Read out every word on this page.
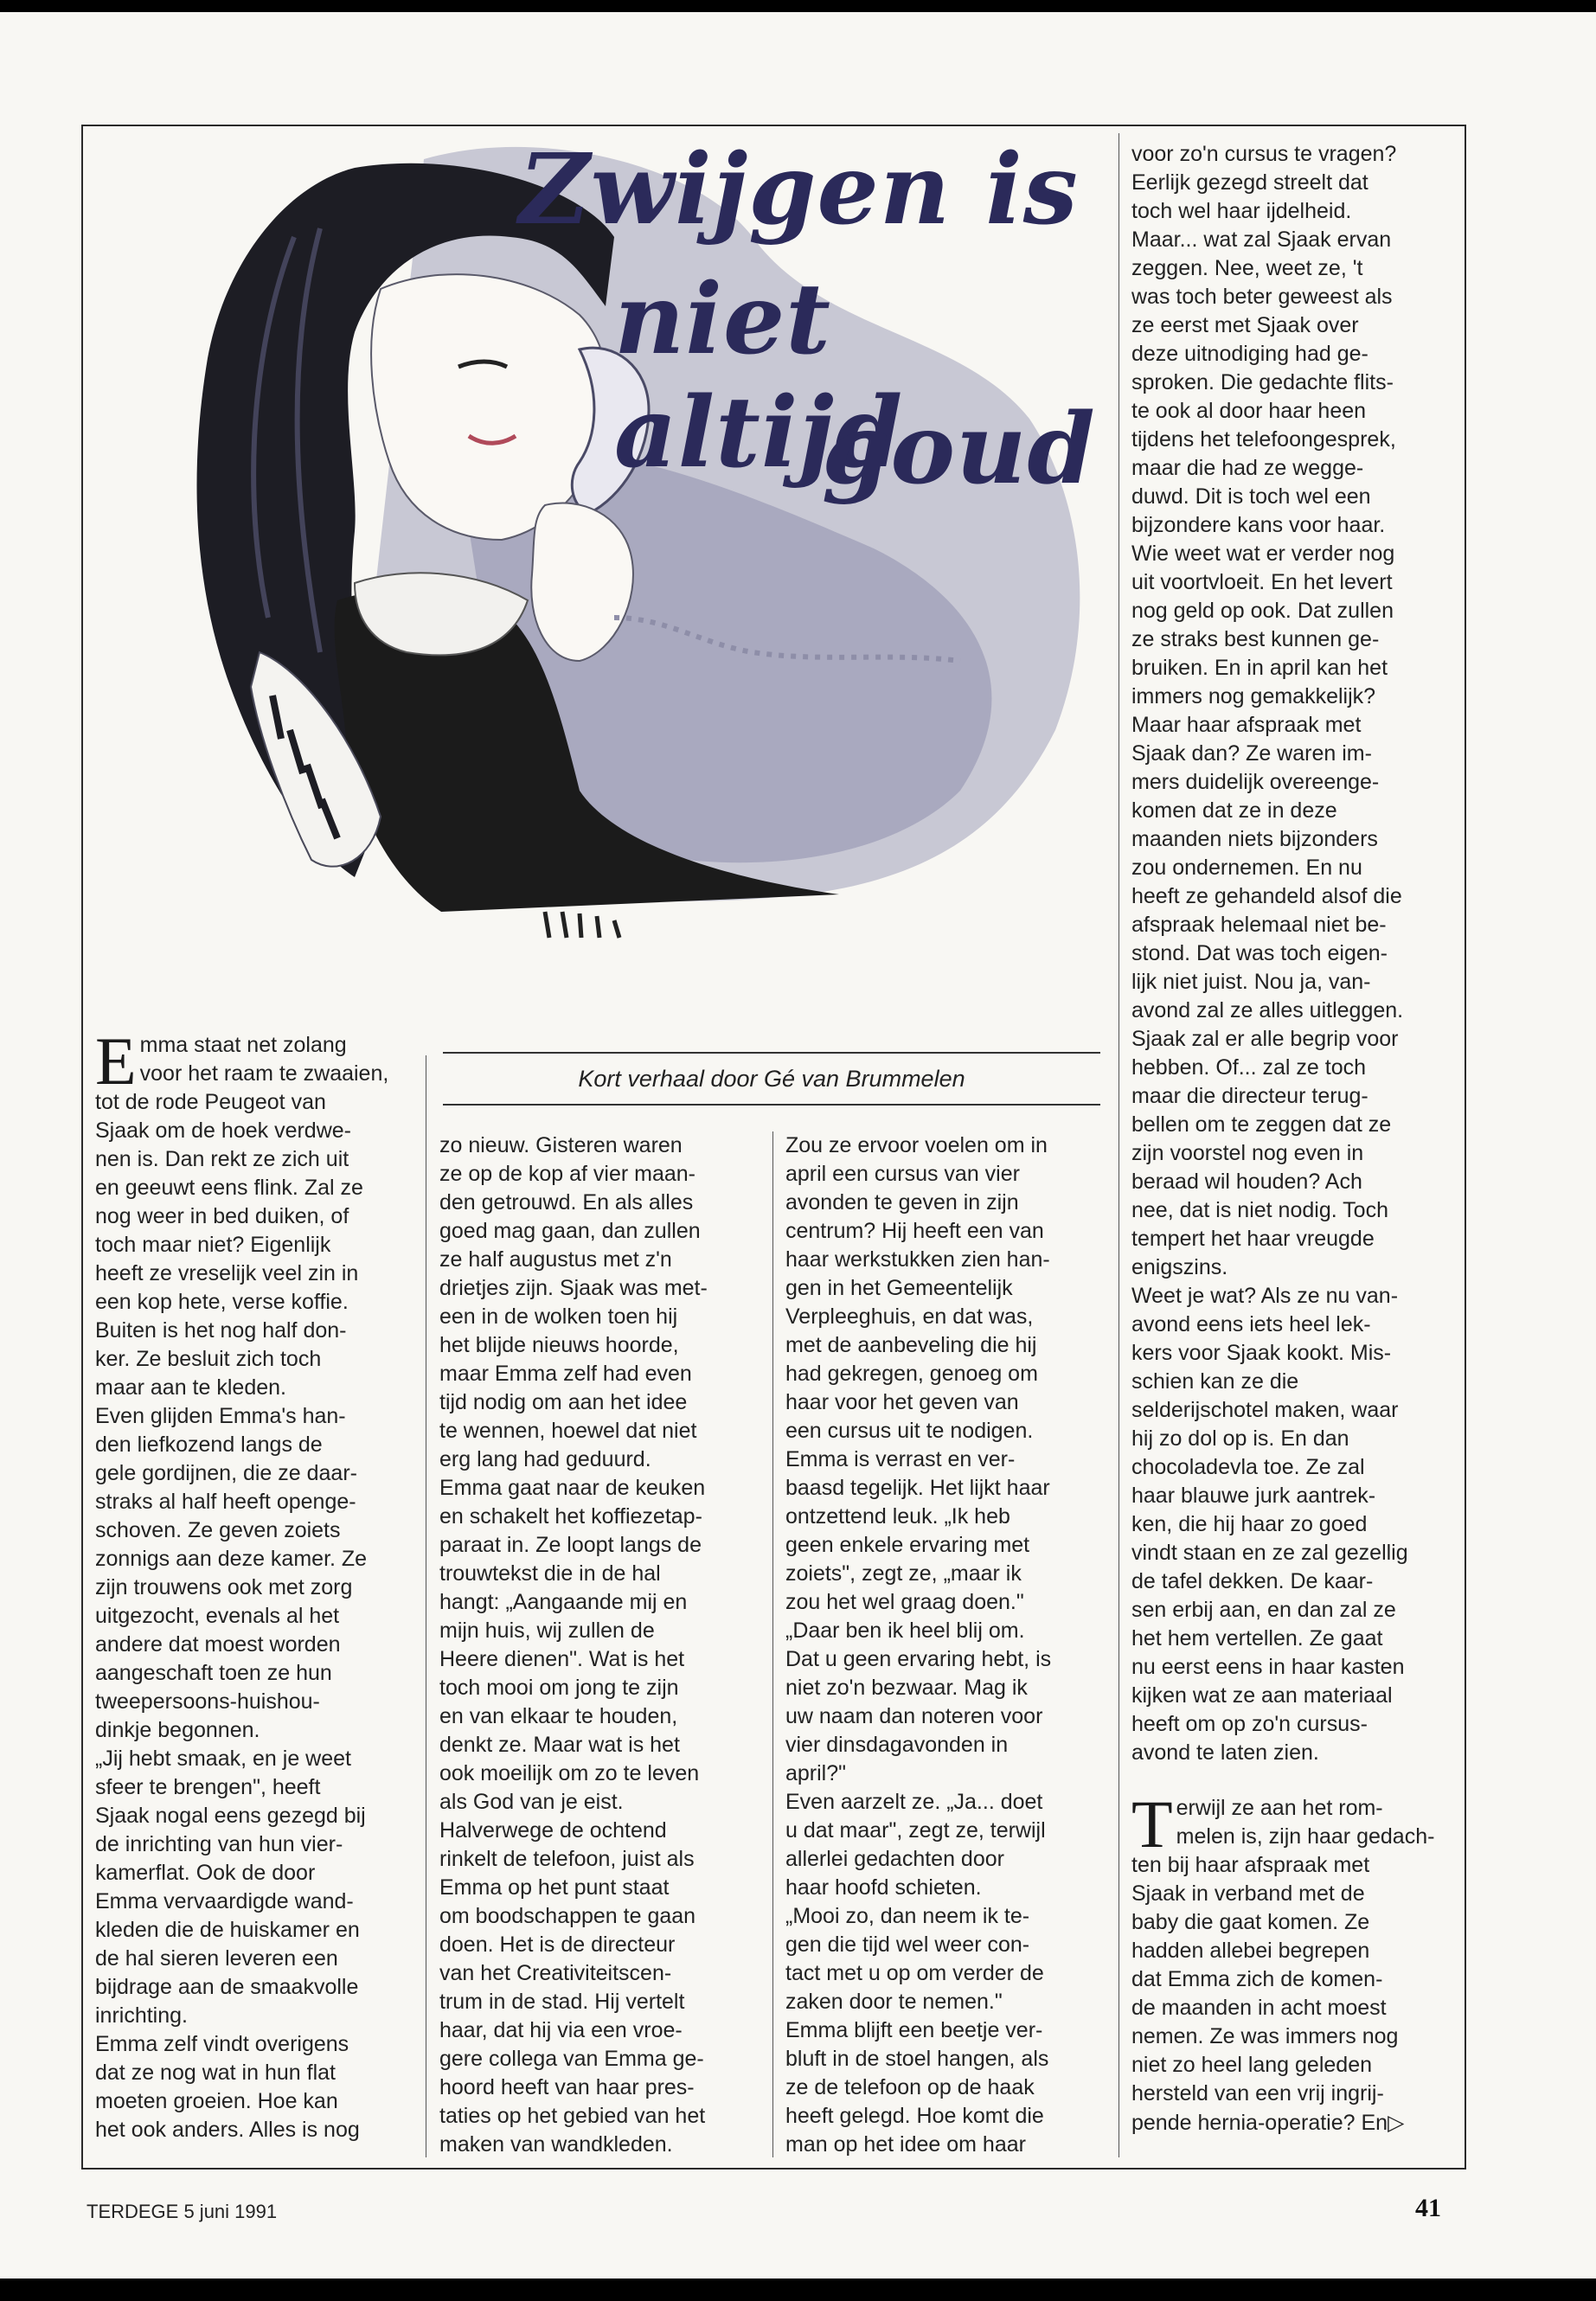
Zwijgen is
niet altijd
goud
Kort verhaal door Gé van Brummelen
Emma staat net zolang
voor het raam te zwaaien,
tot de rode Peugeot van
Sjaak om de hoek verdwe-
nen is. Dan rekt ze zich uit
en geeuwt eens flink. Zal ze
nog weer in bed duiken, of
toch maar niet? Eigenlijk
heeft ze vreselijk veel zin in
een kop hete, verse koffie.
Buiten is het nog half don-
ker. Ze besluit zich toch
maar aan te kleden.
Even glijden Emma's han-
den liefkozend langs de
gele gordijnen, die ze daar-
straks al half heeft openge-
schoven. Ze geven zoiets
zonnigs aan deze kamer. Ze
zijn trouwens ook met zorg
uitgezocht, evenals al het
andere dat moest worden
aangeschaft toen ze hun
tweepersoons-huishou-
dinkje begonnen.
„Jij hebt smaak, en je weet
sfeer te brengen", heeft
Sjaak nogal eens gezegd bij
de inrichting van hun vier-
kamerflat. Ook de door
Emma vervaardigde wand-
kleden die de huiskamer en
de hal sieren leveren een
bijdrage aan de smaakvolle
inrichting.
Emma zelf vindt overigens
dat ze nog wat in hun flat
moeten groeien. Hoe kan
het ook anders. Alles is nog
zo nieuw. Gisteren waren
ze op de kop af vier maan-
den getrouwd. En als alles
goed mag gaan, dan zullen
ze half augustus met z'n
drietjes zijn. Sjaak was met-
een in de wolken toen hij
het blijde nieuws hoorde,
maar Emma zelf had even
tijd nodig om aan het idee
te wennen, hoewel dat niet
erg lang had geduurd.
Emma gaat naar de keuken
en schakelt het koffiezetap-
paraat in. Ze loopt langs de
trouwtekst die in de hal
hangt: „Aangaande mij en
mijn huis, wij zullen de
Heere dienen". Wat is het
toch mooi om jong te zijn
en van elkaar te houden,
denkt ze. Maar wat is het
ook moeilijk om zo te leven
als God van je eist.
Halverwege de ochtend
rinkelt de telefoon, juist als
Emma op het punt staat
om boodschappen te gaan
doen. Het is de directeur
van het Creativiteitscen-
trum in de stad. Hij vertelt
haar, dat hij via een vroe-
gere collega van Emma ge-
hoord heeft van haar pres-
taties op het gebied van het
maken van wandkleden.
Zou ze ervoor voelen om in
april een cursus van vier
avonden te geven in zijn
centrum? Hij heeft een van
haar werkstukken zien han-
gen in het Gemeentelijk
Verpleeghuis, en dat was,
met de aanbeveling die hij
had gekregen, genoeg om
haar voor het geven van
een cursus uit te nodigen.
Emma is verrast en ver-
baasd tegelijk. Het lijkt haar
ontzettend leuk. „Ik heb
geen enkele ervaring met
zoiets", zegt ze, „maar ik
zou het wel graag doen."
„Daar ben ik heel blij om.
Dat u geen ervaring hebt, is
niet zo'n bezwaar. Mag ik
uw naam dan noteren voor
vier dinsdagavonden in
april?"
Even aarzelt ze. „Ja... doet
u dat maar", zegt ze, terwijl
allerlei gedachten door
haar hoofd schieten.
„Mooi zo, dan neem ik te-
gen die tijd wel weer con-
tact met u op om verder de
zaken door te nemen."
Emma blijft een beetje ver-
bluft in de stoel hangen, als
ze de telefoon op de haak
heeft gelegd. Hoe komt die
man op het idee om haar
voor zo'n cursus te vragen?
Eerlijk gezegd streelt dat
toch wel haar ijdelheid.
Maar... wat zal Sjaak ervan
zeggen. Nee, weet ze, 't
was toch beter geweest als
ze eerst met Sjaak over
deze uitnodiging had ge-
sproken. Die gedachte flits-
te ook al door haar heen
tijdens het telefoongesprek,
maar die had ze wegge-
duwd. Dit is toch wel een
bijzondere kans voor haar.
Wie weet wat er verder nog
uit voortvloeit. En het levert
nog geld op ook. Dat zullen
ze straks best kunnen ge-
bruiken. En in april kan het
immers nog gemakkelijk?
Maar haar afspraak met
Sjaak dan? Ze waren im-
mers duidelijk overeenge-
komen dat ze in deze
maanden niets bijzonders
zou ondernemen. En nu
heeft ze gehandeld alsof die
afspraak helemaal niet be-
stond. Dat was toch eigen-
lijk niet juist. Nou ja, van-
avond zal ze alles uitleggen.
Sjaak zal er alle begrip voor
hebben. Of... zal ze toch
maar die directeur terug-
bellen om te zeggen dat ze
zijn voorstel nog even in
beraad wil houden? Ach
nee, dat is niet nodig. Toch
tempert het haar vreugde
enigszins.
Weet je wat? Als ze nu van-
avond eens iets heel lek-
kers voor Sjaak kookt. Mis-
schien kan ze die
selderijschotel maken, waar
hij zo dol op is. En dan
chocoladevla toe. Ze zal
haar blauwe jurk aantrek-
ken, die hij haar zo goed
vindt staan en ze zal gezellig
de tafel dekken. De kaar-
sen erbij aan, en dan zal ze
het hem vertellen. Ze gaat
nu eerst eens in haar kasten
kijken wat ze aan materiaal
heeft om op zo'n cursus-
avond te laten zien.
Terwijl ze aan het rom-
melen is, zijn haar gedach-
ten bij haar afspraak met
Sjaak in verband met de
baby die gaat komen. Ze
hadden allebei begrepen
dat Emma zich de komen-
de maanden in acht moest
nemen. Ze was immers nog
niet zo heel lang geleden
hersteld van een vrij ingrij-
pende hernia-operatie? En▷
TERDEGE 5 juni 1991	41
